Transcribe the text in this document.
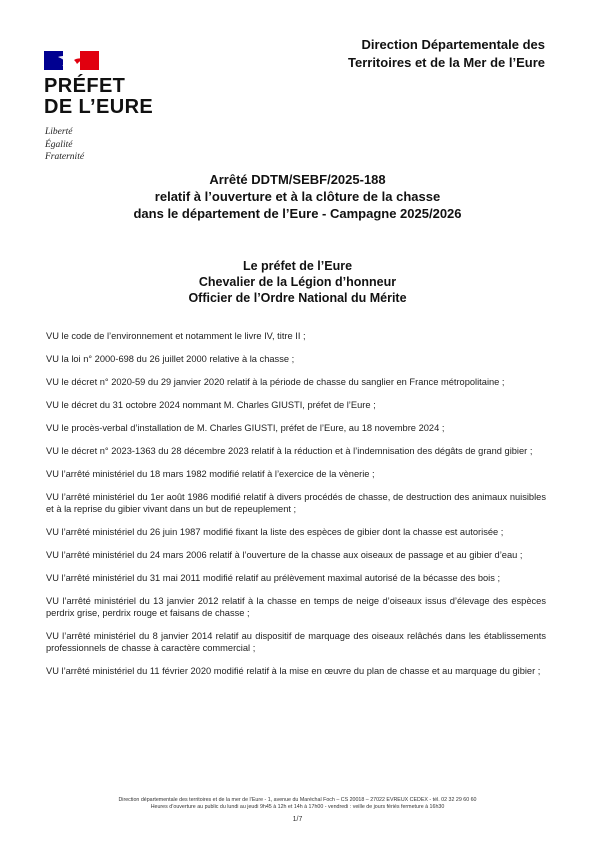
PRÉFET
DE L’EURE
Liberté
Égalité
Fraternité
Direction Départementale des
Territoires et de la Mer de l’Eure
Arrêté DDTM/SEBF/2025-188
relatif à l’ouverture et à la clôture de la chasse
dans le département de l’Eure - Campagne 2025/2026
Le préfet de l’Eure
Chevalier de la Légion d’honneur
Officier de l’Ordre National du Mérite

VU le code de l’environnement et notamment le livre IV, titre II ;

VU la loi n° 2000-698 du 26 juillet 2000 relative à la chasse ;

VU le décret n° 2020-59 du 29 janvier 2020 relatif à la période de chasse du sanglier en France métropolitaine ;

VU le décret du 31 octobre 2024 nommant M. Charles GIUSTI, préfet de l’Eure ;

VU le procès-verbal d’installation de M. Charles GIUSTI, préfet de l’Eure, au 18 novembre 2024 ;

VU le décret n° 2023-1363 du 28 décembre 2023 relatif à la réduction et à l’indemnisation des dégâts de grand gibier ;

VU l’arrêté ministériel du 18 mars 1982 modifié relatif à l’exercice de la vènerie ;

VU l’arrêté ministériel du 1er août 1986 modifié relatif à divers procédés de chasse, de destruction des animaux nuisibles et à la reprise du gibier vivant dans un but de repeuplement ;

VU l’arrêté ministériel du 26 juin 1987 modifié fixant la liste des espèces de gibier dont la chasse est autorisée ;

VU l’arrêté ministériel du 24 mars 2006 relatif à l’ouverture de la chasse aux oiseaux de passage et au gibier d’eau ;

VU l’arrêté ministériel du 31 mai 2011 modifié relatif au prélèvement maximal autorisé de la bécasse des bois ;

VU l’arrêté ministériel du 13 janvier 2012 relatif à la chasse en temps de neige d’oiseaux issus d’élevage des espèces perdrix grise, perdrix rouge et faisans de chasse ;

VU l’arrêté ministériel du 8 janvier 2014 relatif au dispositif de marquage des oiseaux relâchés dans les établissements professionnels de chasse à caractère commercial ;

VU l’arrêté ministériel du 11 février 2020 modifié relatif à la mise en œuvre du plan de chasse et au marquage du gibier ;

Direction départementale des territoires et de la mer de l’Eure - 1, avenue du Maréchal Foch – CS 20018 – 27022 EVREUX CEDEX - tél. 02 32 29 60 60
Heures d’ouverture au public du lundi au jeudi 9h45 à 12h et 14h à 17h00 - vendredi : veille de jours fériés fermeture à 16h30
1/7
